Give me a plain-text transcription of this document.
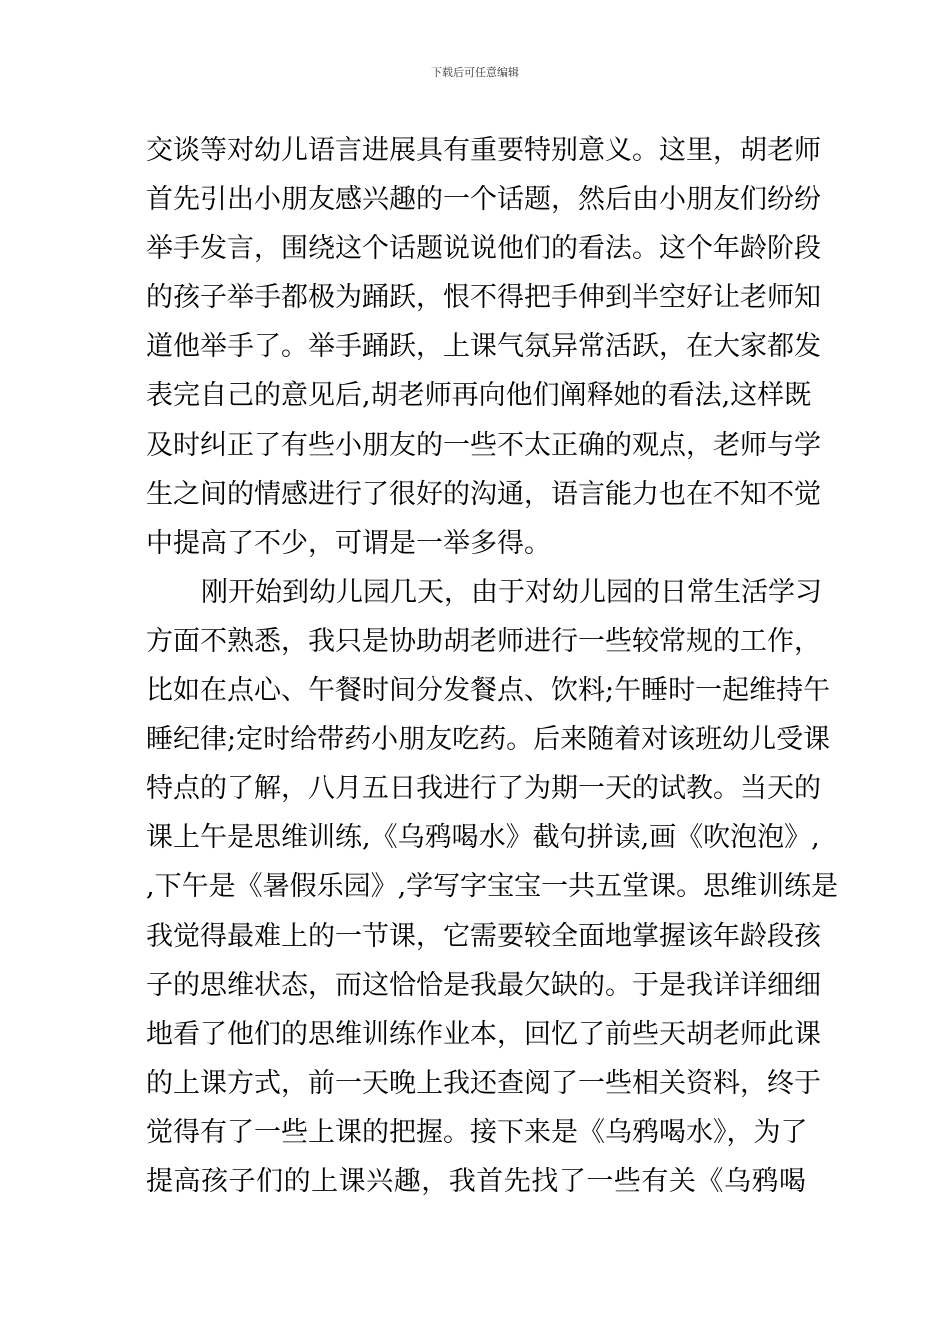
下载后可任意编辑
交谈等对幼儿语言进展具有重要特别意义。这里，胡老师
首先引出小朋友感兴趣的一个话题，然后由小朋友们纷纷
举手发言，围绕这个话题说说他们的看法。这个年龄阶段
的孩子举手都极为踊跃，恨不得把手伸到半空好让老师知
道他举手了。举手踊跃，上课气氛异常活跃，在大家都发
表完自己的意见后,胡老师再向他们阐释她的看法,这样既
及时纠正了有些小朋友的一些不太正确的观点，老师与学
生之间的情感进行了很好的沟通，语言能力也在不知不觉
中提高了不少，可谓是一举多得。
刚开始到幼儿园几天，由于对幼儿园的日常生活学习
方面不熟悉，我只是协助胡老师进行一些较常规的工作，
比如在点心、午餐时间分发餐点、饮料;午睡时一起维持午
睡纪律;定时给带药小朋友吃药。后来随着对该班幼儿受课
特点的了解，八月五日我进行了为期一天的试教。当天的
课上午是思维训练,《乌鸦喝水》截句拼读,画《吹泡泡》,
,下午是《暑假乐园》,学写字宝宝一共五堂课。思维训练是
我觉得最难上的一节课，它需要较全面地掌握该年龄段孩
子的思维状态，而这恰恰是我最欠缺的。于是我详详细细
地看了他们的思维训练作业本，回忆了前些天胡老师此课
的上课方式，前一天晚上我还查阅了一些相关资料，终于
觉得有了一些上课的把握。接下来是《乌鸦喝水》，为了
提高孩子们的上课兴趣，我首先找了一些有关《乌鸦喝
